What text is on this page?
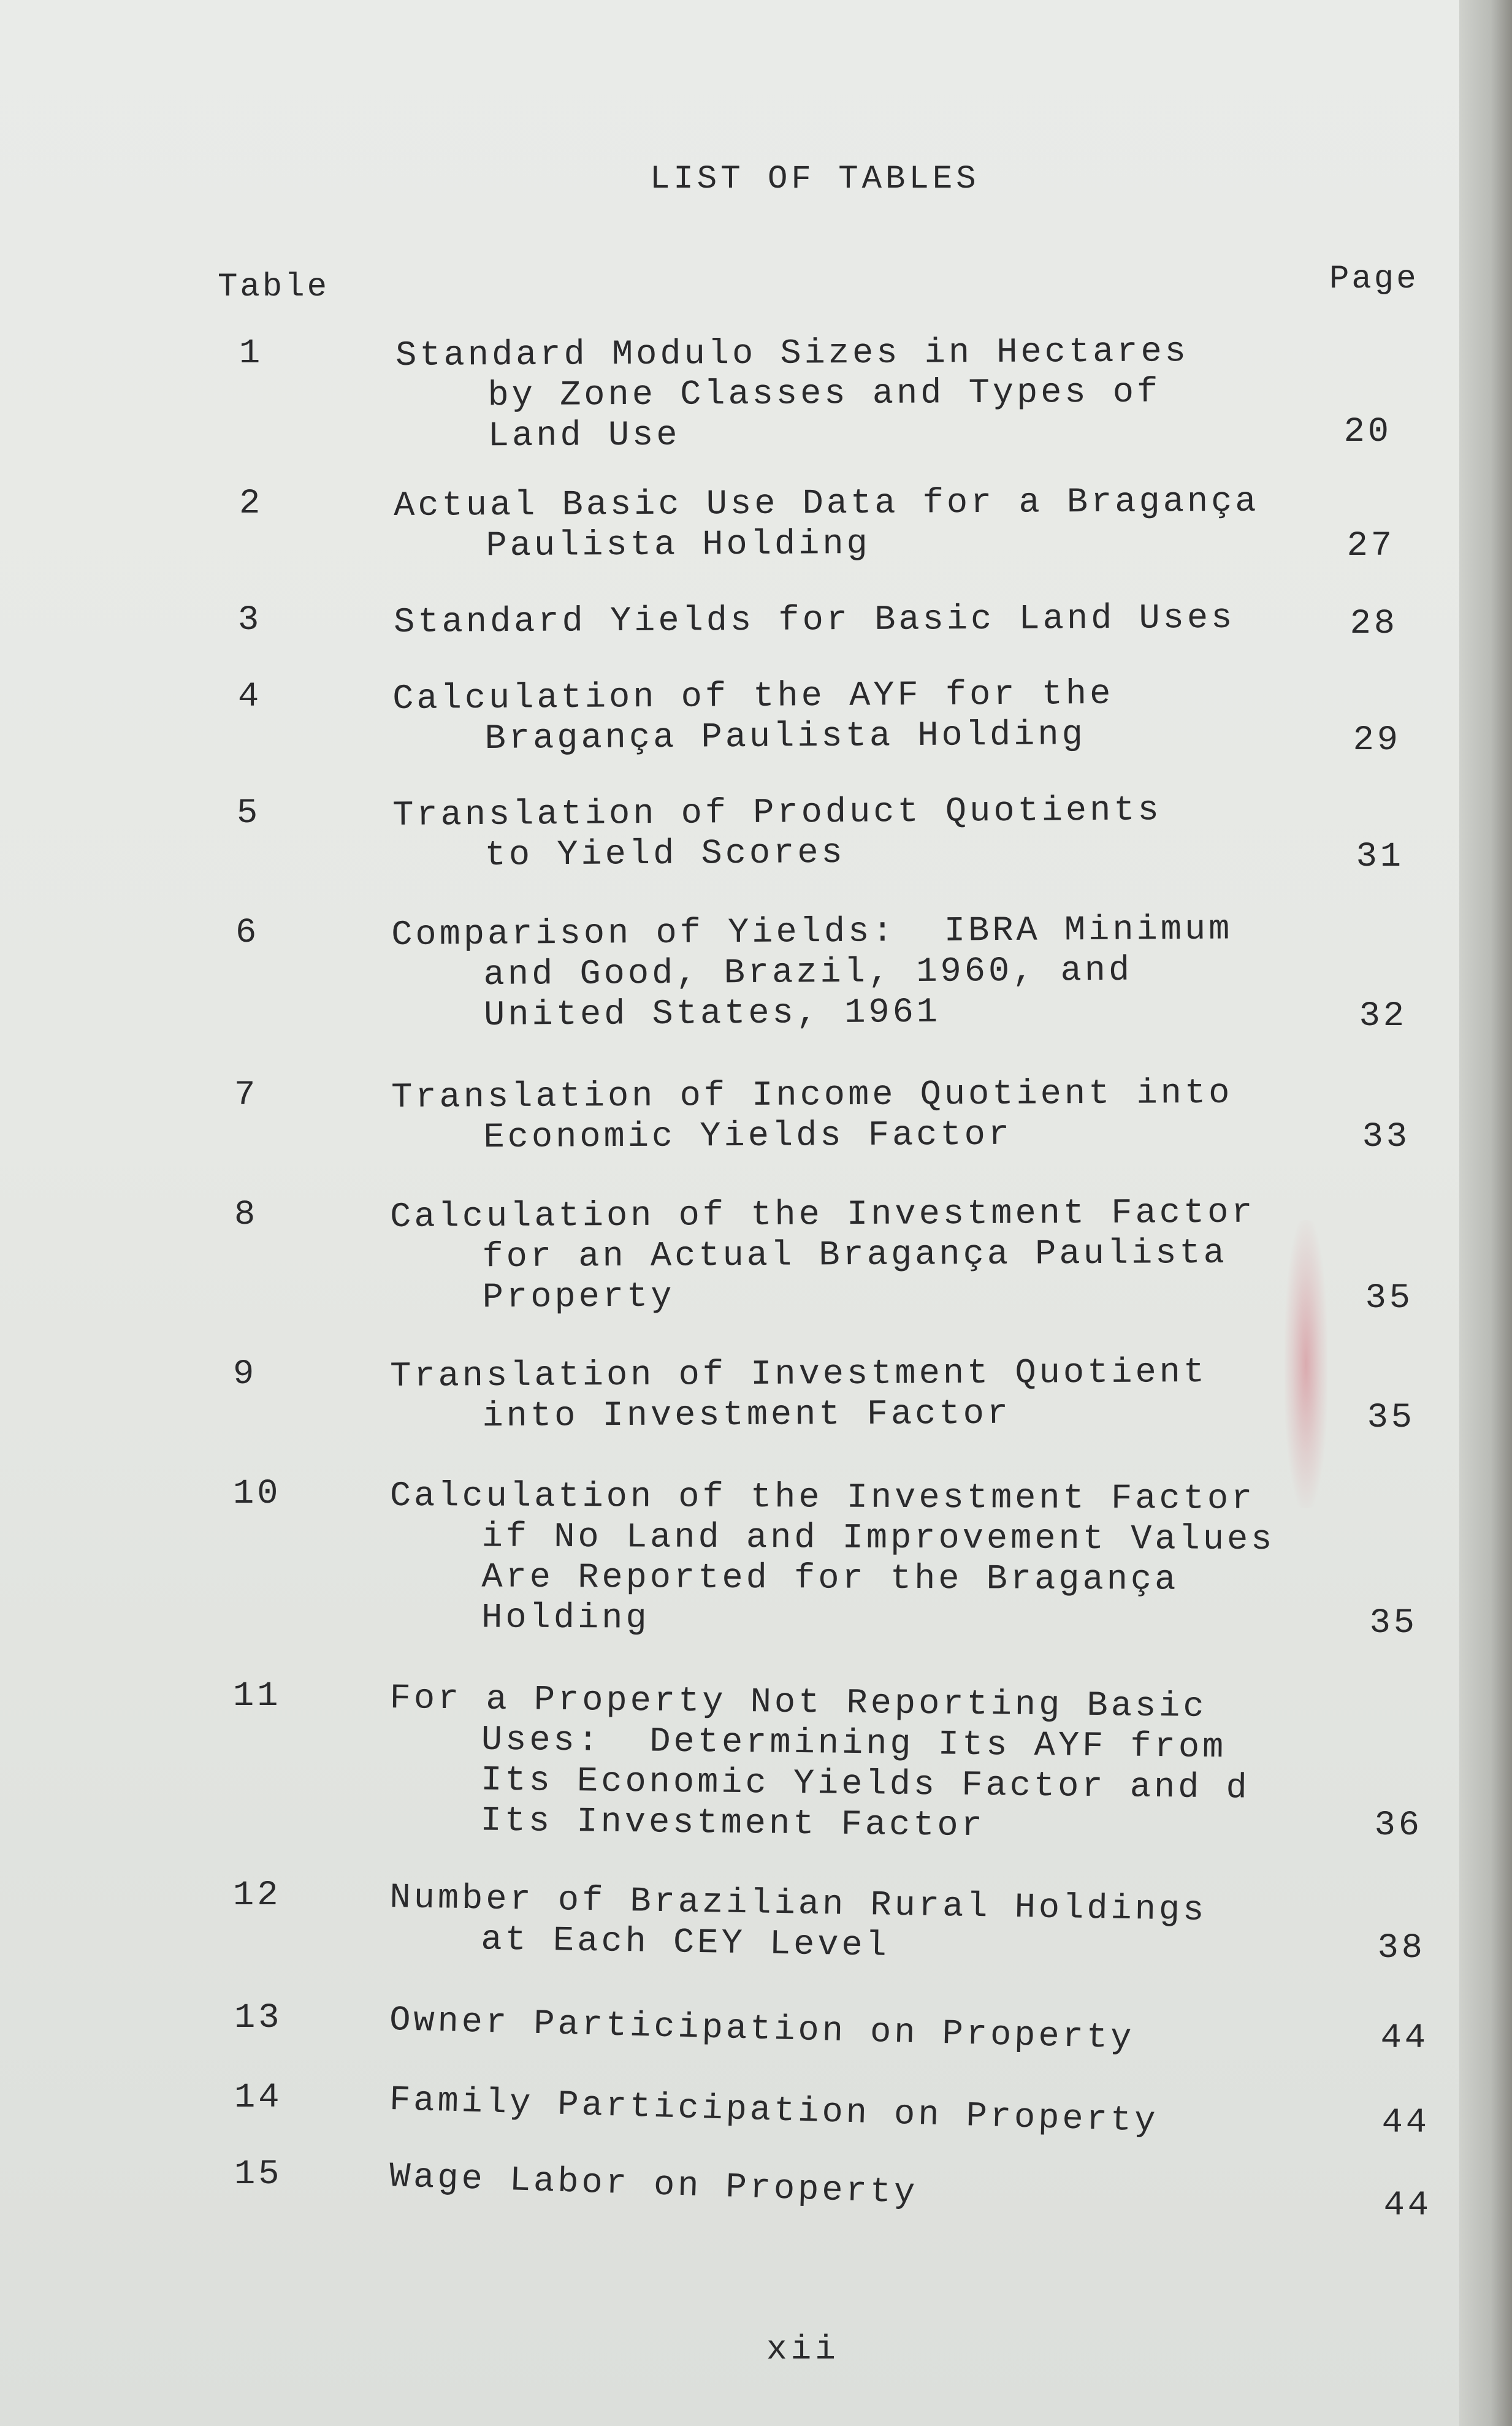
LIST OF TABLES
Table	Page
1	Standard Modulo Sizes in Hectares
by Zone Classes and Types of
Land Use	20
2	Actual Basic Use Data for a Bragança
Paulista Holding	27
3	Standard Yields for Basic Land Uses	28
4	Calculation of the AYF for the
Bragança Paulista Holding	29
5	Translation of Product Quotients
to Yield Scores	31
6	Comparison of Yields:  IBRA Minimum
and Good, Brazil, 1960, and
United States, 1961	32
7	Translation of Income Quotient into
Economic Yields Factor	33
8	Calculation of the Investment Factor
for an Actual Bragança Paulista
Property	35
9	Translation of Investment Quotient
into Investment Factor	35
10	Calculation of the Investment Factor
if No Land and Improvement Values
Are Reported for the Bragança
Holding	35
11	For a Property Not Reporting Basic
Uses:  Determining Its AYF from
Its Economic Yields Factor and d
Its Investment Factor	36
12	Number of Brazilian Rural Holdings
at Each CEY Level	38
13	Owner Participation on Property	44
14	Family Participation on Property	44
15	Wage Labor on Property	44
xii
